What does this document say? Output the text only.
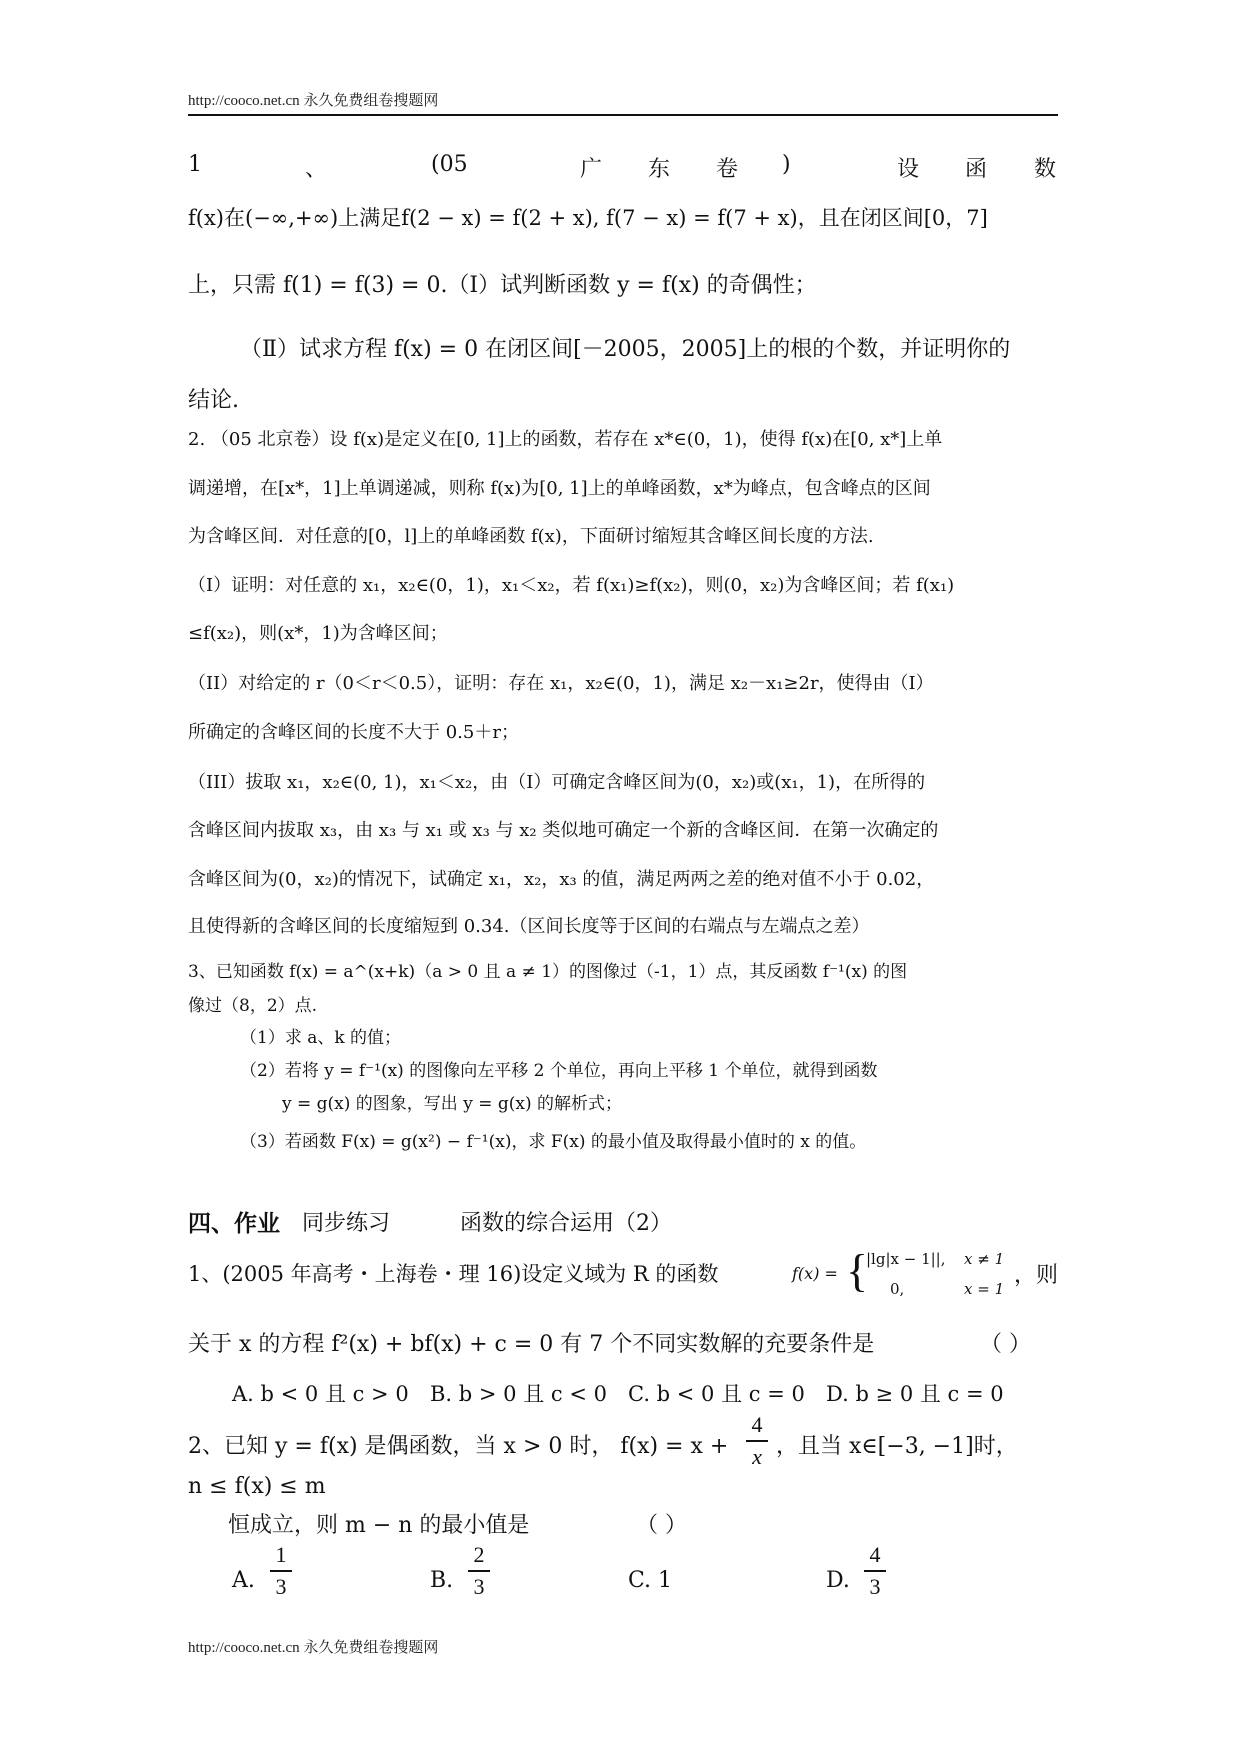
http://cooco.net.cn 永久免费组卷搜题网
1	、	(05	广 东 卷 )	设 函 数
f(x)在(−∞,+∞)上满足f(2 − x) = f(2 + x), f(7 − x) = f(7 + x)，且在闭区间[0，7]
上，只需 f(1) = f(3) = 0.（Ⅰ）试判断函数 y = f(x) 的奇偶性；
（Ⅱ）试求方程 f(x) = 0 在闭区间[－2005，2005]上的根的个数，并证明你的
结论.
2. （05 北京卷）设 f(x)是定义在[0, 1]上的函数，若存在 x*∈(0，1)，使得 f(x)在[0, x*]上单
调递增，在[x*，1]上单调递减，则称 f(x)为[0, 1]上的单峰函数，x*为峰点，包含峰点的区间
为含峰区间．对任意的[0，l]上的单峰函数 f(x)，下面研讨缩短其含峰区间长度的方法.
（I）证明：对任意的 x₁，x₂∈(0，1)，x₁＜x₂，若 f(x₁)≥f(x₂)，则(0，x₂)为含峰区间；若 f(x₁)
≤f(x₂)，则(x*，1)为含峰区间；
（II）对给定的 r（0＜r＜0.5），证明：存在 x₁，x₂∈(0，1)，满足 x₂－x₁≥2r，使得由（I）
所确定的含峰区间的长度不大于 0.5＋r；
（III）拔取 x₁，x₂∈(0, 1)，x₁＜x₂，由（I）可确定含峰区间为(0，x₂)或(x₁，1)，在所得的
含峰区间内拔取 x₃，由 x₃ 与 x₁ 或 x₃ 与 x₂ 类似地可确定一个新的含峰区间．在第一次确定的
含峰区间为(0，x₂)的情况下，试确定 x₁，x₂，x₃ 的值，满足两两之差的绝对值不小于 0.02，
且使得新的含峰区间的长度缩短到 0.34.（区间长度等于区间的右端点与左端点之差）
3、已知函数 f(x) = a^(x+k)（a > 0 且 a ≠ 1）的图像过（-1，1）点，其反函数 f⁻¹(x) 的图
像过（8，2）点.
（1）求 a、k 的值；
（2）若将 y = f⁻¹(x) 的图像向左平移 2 个单位，再向上平移 1 个单位，就得到函数
y = g(x) 的图象，写出 y = g(x) 的解析式；
（3）若函数 F(x) = g(x²) − f⁻¹(x)，求 F(x) 的最小值及取得最小值时的 x 的值。
四、作业 同步练习	函数的综合运用（2）
1、(2005 年高考・上海卷・理 16)设定义域为 R 的函数	f(x) = {
|lg|x − 1||, x ≠ 1
0,	x = 1
，则
关于 x 的方程 f²(x) + bf(x) + c = 0 有 7 个不同实数解的充要条件是	（ ）
A. b < 0 且 c > 0 B. b > 0 且 c < 0 C. b < 0 且 c = 0 D. b ≥ 0 且 c = 0
2、已知 y = f(x) 是偶函数，当 x > 0 时， f(x) = x +
4
x ，且当 x∈[−3, −1]时，
n ≤ f(x) ≤ m
恒成立，则 m − n 的最小值是	（ ）
A.
1
3	B.
2
3	C. 1	D.
4
3
http://cooco.net.cn 永久免费组卷搜题网
